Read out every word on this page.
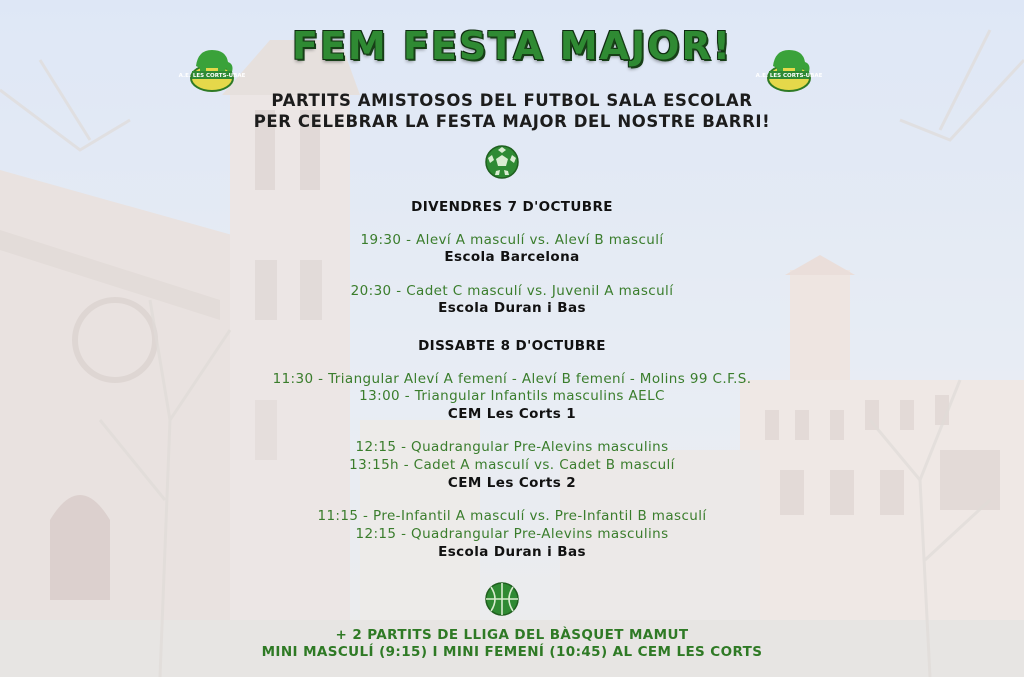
A.E. LES CORTS-UBAE	A.E. LES CORTS-UBAE
FEM FESTA MAJOR!
PARTITS AMISTOSOS DEL FUTBOL SALA ESCOLAR
PER CELEBRAR LA FESTA MAJOR DEL NOSTRE BARRI!
DIVENDRES 7 D'OCTUBRE
19:30 - Aleví A masculí vs. Aleví B masculí
Escola Barcelona
20:30 - Cadet C masculí vs. Juvenil A masculí
Escola Duran i Bas
DISSABTE 8 D'OCTUBRE
11:30 - Triangular Aleví A femení - Aleví B femení - Molins 99 C.F.S.
13:00 - Triangular Infantils masculins AELC
CEM Les Corts 1
12:15 - Quadrangular Pre-Alevins masculins
13:15h - Cadet A masculí vs. Cadet B masculí
CEM Les Corts 2
11:15 - Pre-Infantil A masculí vs. Pre-Infantil B masculí
12:15 - Quadrangular Pre-Alevins masculins
Escola Duran i Bas
+ 2 PARTITS DE LLIGA DEL BÀSQUET MAMUT
MINI MASCULÍ (9:15) I MINI FEMENÍ (10:45) AL CEM LES CORTS
